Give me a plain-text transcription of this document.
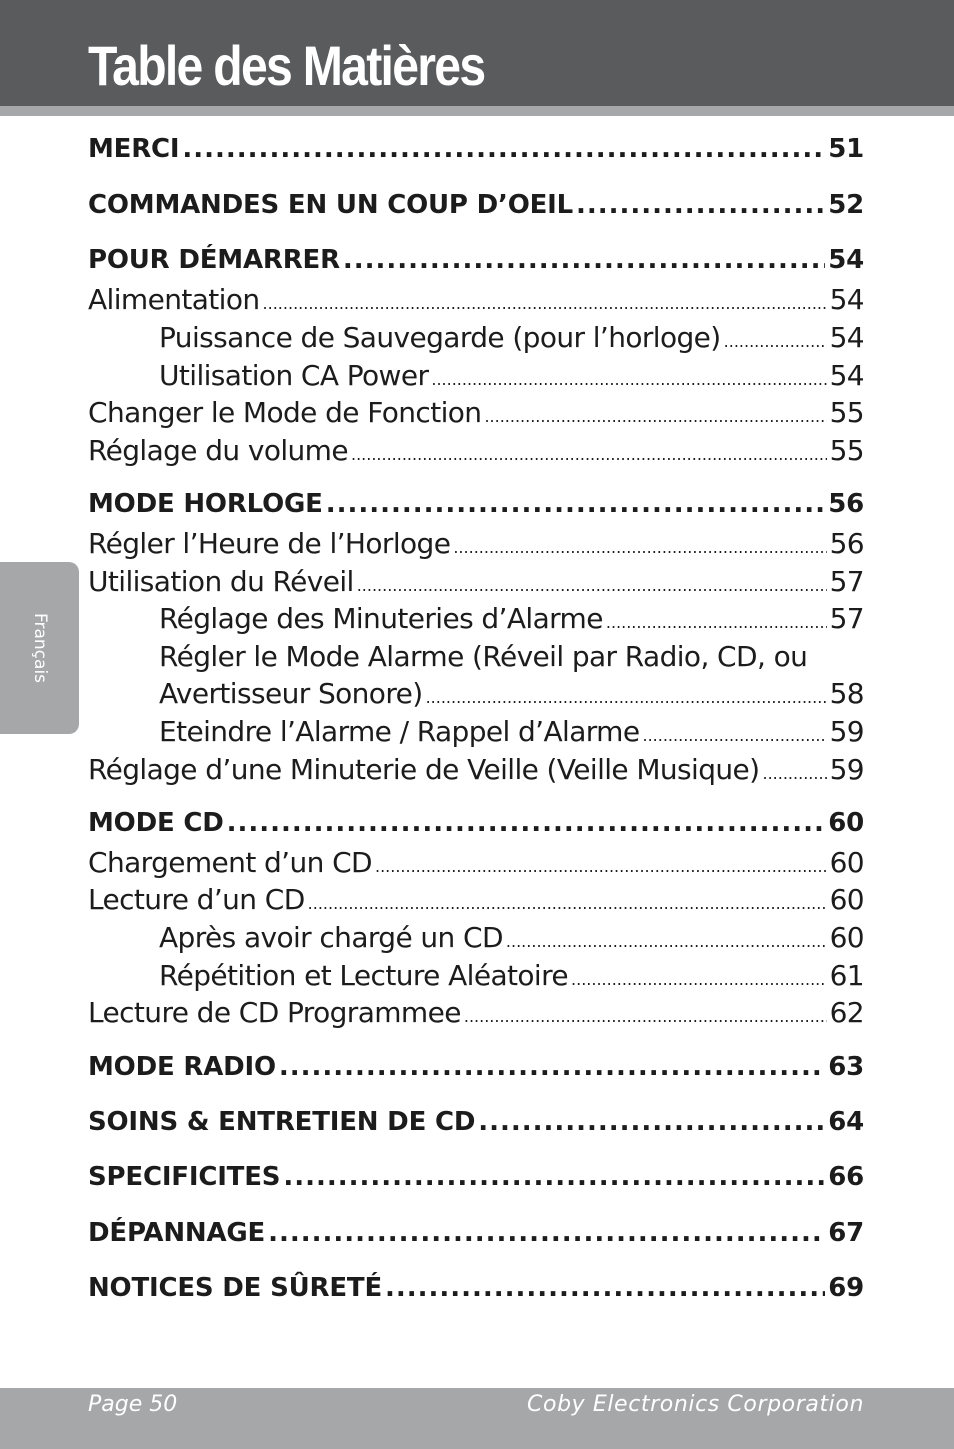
Table des Matières
Français
MERCI .....	51
COMMANDES EN UN COUP D’OEIL .....	52
POUR DÉMARRER .....	54
Alimentation .....	54
Puissance de Sauvegarde (pour l’horloge) .....	54
Utilisation CA Power .....	54
Changer le Mode de Fonction .....	55
Réglage du volume .....	55
MODE HORLOGE .....	56
Régler l’Heure de l’Horloge .....	56
Utilisation du Réveil .....	57
Réglage des Minuteries d’Alarme .....	57
Régler le Mode Alarme (Réveil par Radio, CD, ou
Avertisseur Sonore) .....	58
Eteindre l’Alarme / Rappel d’Alarme .....	59
Réglage d’une Minuterie de Veille (Veille Musique) .....	59
MODE CD .....	60
Chargement d’un CD .....	60
Lecture d’un CD .....	60
Après avoir chargé un CD .....	60
Répétition et Lecture Aléatoire .....	61
Lecture de CD Programmee .....	62
MODE RADIO .....	63
SOINS & ENTRETIEN DE CD .....	64
SPECIFICITES .....	66
DÉPANNAGE .....	67
NOTICES DE SÛRETÉ .....	69
Page 50	Coby Electronics Corporation
